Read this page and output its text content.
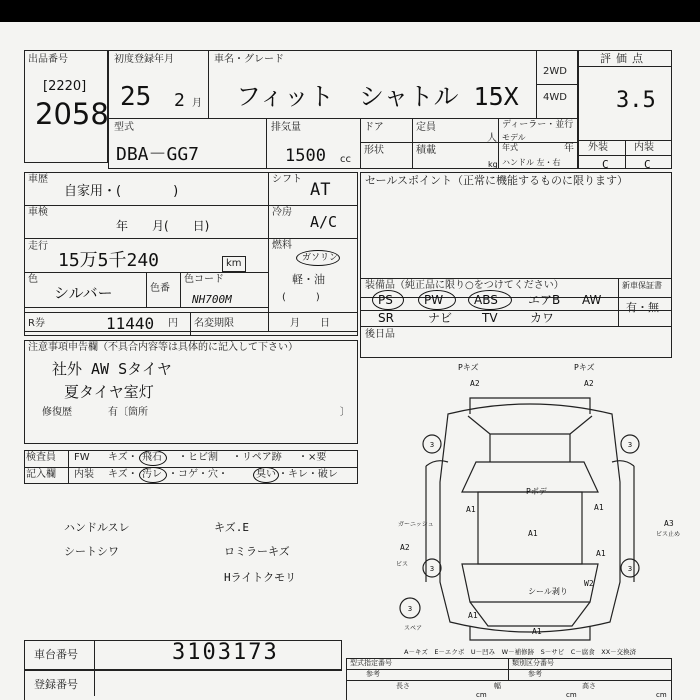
出品番号
[2220]
2058
初度登録年月
25 2 月
車名・グレード
フィット　シャトル 15X
2WD
4WD
型式
DBA－GG7
排気量
1500 cc
ドア	定員
人
ディーラー・並行
モデル
年式	年
形状	積載
kg ハンドル 左・右
評価点
3.5
外装	内装
C	C
車歴
自家用・(　　　　)
シフト
AT
車検
年　　月(　　日)
冷房
A/C
走行
15万5千240	km
燃料
ガソリン
軽・油
色
シルバー	色番
色コード
NH700M	(　　　)
R券	11440 円 名変期限	月　　日
セールスポイント（正常に機能するものに限ります）
装備品（純正品に限り○をつけてください）	新車保証書
有・無
PS	PW	ABS	エアB AW
SR	ナビ TV	カワ
後日品
注意事項申告欄（不具合内容等は具体的に記入して下さい）
社外 AW Sタイヤ
夏タイヤ室灯
修復歴	有〔箇所	〕
検査員
記入欄
FW キズ・ 飛石 ・ヒビ割 ・リペア跡 ・×要
内装 キズ・ 汚レ ・コゲ・穴・	臭い ・キレ・破レ
ハンドルスレ
シートシワ
キズ.E
ロミラーキズ
Hライトクモリ
車台番号	3103173
登録番号
A－キズ　E－エクボ　U－凹み　W－補修跡　S－サビ　C－腐食　XX－交換済
型式指定番号	類別区分番号
参考	参考
長さ
cm
幅
cm
高さ
cm
3	3
3	3
3
Pキズ
A2
Pキズ
A2
A1
Pボデ
A1
A1
ガーニッシュ
A2
ビス
A1
シール剥り
W2
A1
A1
スペア
A3
ビス止め
